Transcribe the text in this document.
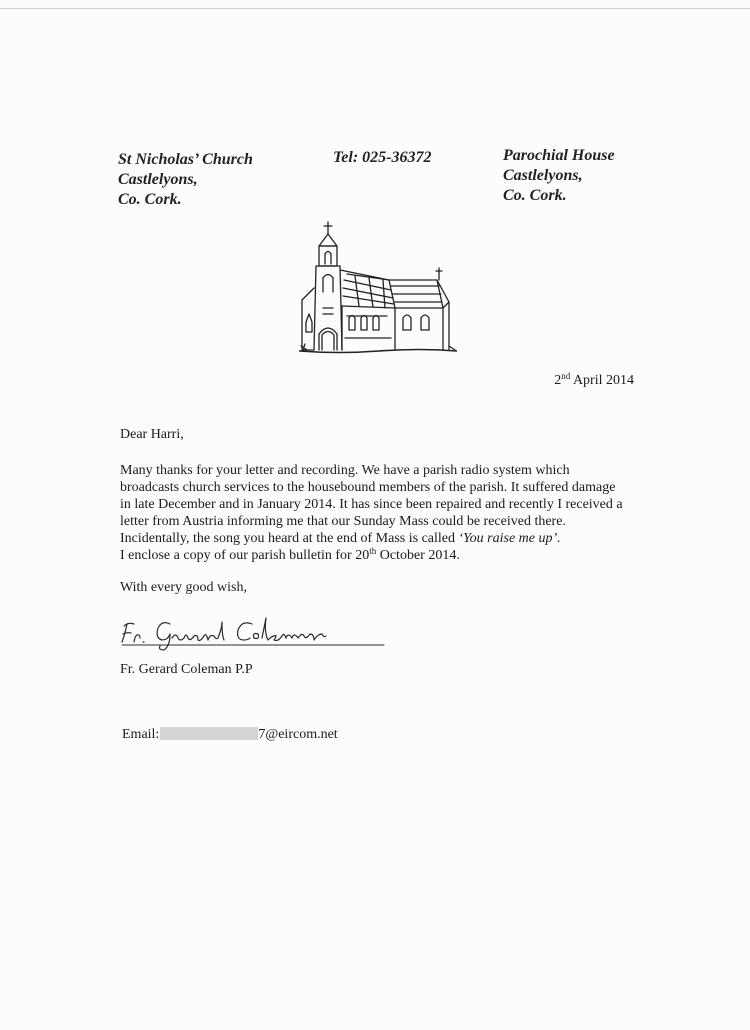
St Nicholas’ Church
Castlelyons,
Co. Cork.
Tel: 025-36372	Parochial House
Castlelyons,
Co. Cork.
2nd April 2014
Dear Harri,
Many thanks for your letter and recording. We have a parish radio system which
broadcasts church services to the housebound members of the parish. It suffered damage
in late December and in January 2014. It has since been repaired and recently I received a
letter from Austria informing me that our Sunday Mass could be received there.
Incidentally, the song you heard at the end of Mass is called ‘You raise me up’.
I enclose a copy of our parish bulletin for 20th October 2014.
With every good wish,
Fr. Gerard Coleman P.P
Email:	7@eircom.net
